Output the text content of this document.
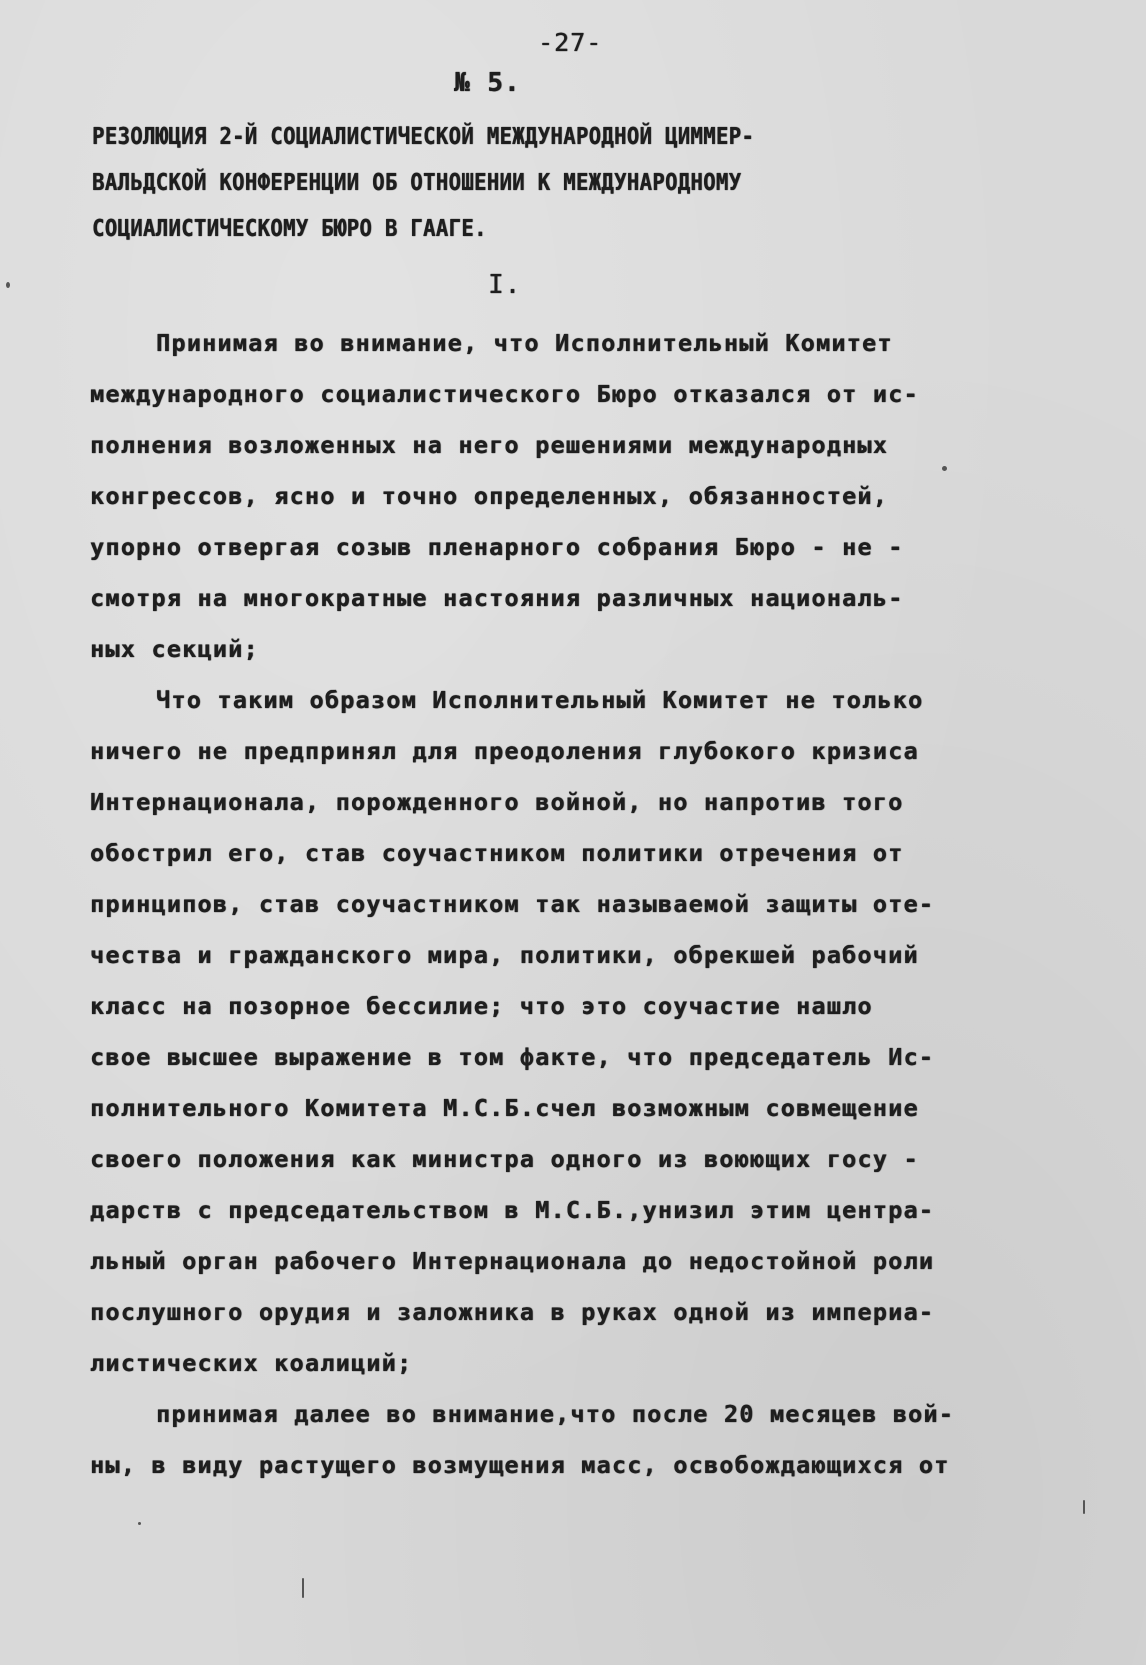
-27-
№ 5.
РЕЗОЛЮЦИЯ 2-Й СОЦИАЛИСТИЧЕСКОЙ МЕЖДУНАРОДНОЙ ЦИММЕР-
ВАЛЬДСКОЙ КОНФЕРЕНЦИИ ОБ ОТНОШЕНИИ К МЕЖДУНАРОДНОМУ
СОЦИАЛИСТИЧЕСКОМУ БЮРО В ГААГЕ.
I.
Принимая во внимание, что Исполнительный Комитет
международного социалистического Бюро отказался от ис-
полнения возложенных на него решениями международных
конгрессов, ясно и точно определенных, обязанностей,
упорно отвергая созыв пленарного собрания Бюро - не -
смотря на многократные настояния различных националь-
ных секций;
Что таким образом Исполнительный Комитет не только
ничего не предпринял для преодоления глубокого кризиса
Интернационала, порожденного войной, но напротив того
обострил его, став соучастником политики отречения от
принципов, став соучастником так называемой защиты оте-
чества и гражданского мира, политики, обрекшей рабочий
класс на позорное бессилие; что это соучастие нашло
свое высшее выражение в том факте, что председатель Ис-
полнительного Комитета М.С.Б.счел возможным совмещение
своего положения как министра одного из воюющих госу -
дарств с председательством в М.С.Б.,унизил этим центра-
льный орган рабочего Интернационала до недостойной роли
послушного орудия и заложника в руках одной из империа-
листических коалиций;
принимая далее во внимание,что после 20 месяцев вой-
ны, в виду растущего возмущения масс, освобождающихся от
